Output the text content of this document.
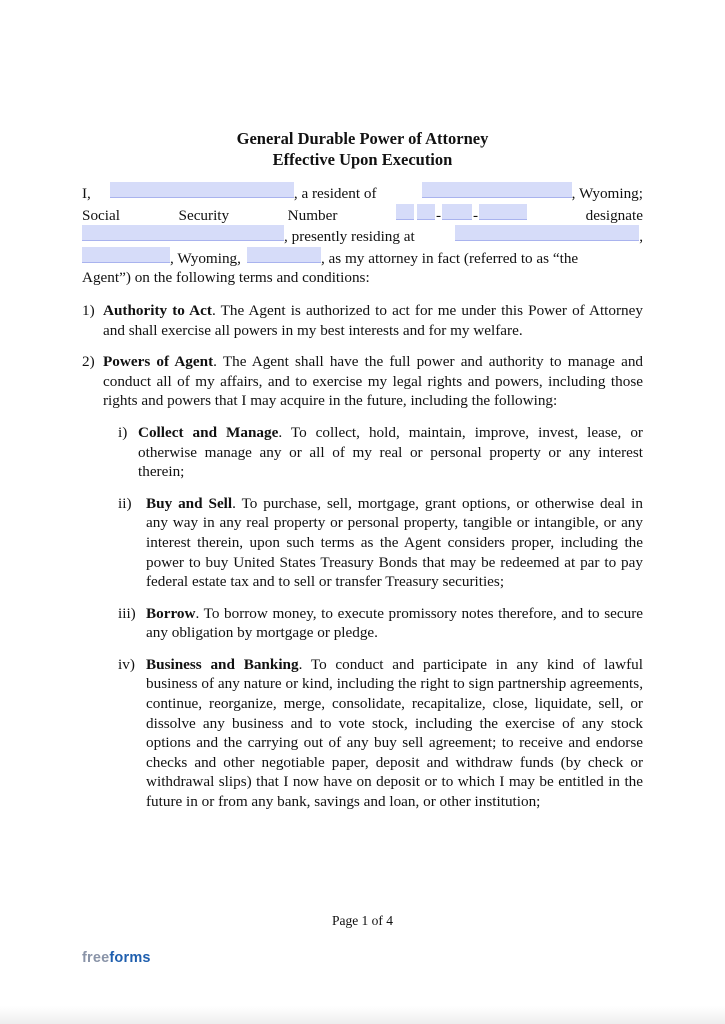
General Durable Power of Attorney
Effective Upon Execution
I,	, a resident of	, Wyoming;
Social	Security	Number	- -	designate
, presently residing at	,
, Wyoming,	, as my attorney in fact (referred to as “the
Agent”) on the following terms and conditions:
1) Authority to Act. The Agent is authorized to act for me under this Power of Attorney and shall exercise all powers in my best interests and for my welfare.
2) Powers of Agent. The Agent shall have the full power and authority to manage and conduct all of my affairs, and to exercise my legal rights and powers, including those rights and powers that I may acquire in the future, including the following:
i) Collect and Manage. To collect, hold, maintain, improve, invest, lease, or otherwise manage any or all of my real or personal property or any interest therein;
ii) Buy and Sell. To purchase, sell, mortgage, grant options, or otherwise deal in any way in any real property or personal property, tangible or intangible, or any interest therein, upon such terms as the Agent considers proper, including the power to buy United States Treasury Bonds that may be redeemed at par to pay federal estate tax and to sell or transfer Treasury securities;
iii) Borrow. To borrow money, to execute promissory notes therefore, and to secure any obligation by mortgage or pledge.
iv) Business and Banking. To conduct and participate in any kind of lawful business of any nature or kind, including the right to sign partnership agreements, continue, reorganize, merge, consolidate, recapitalize, close, liquidate, sell, or dissolve any business and to vote stock, including the exercise of any stock options and the carrying out of any buy sell agreement; to receive and endorse checks and other negotiable paper, deposit and withdraw funds (by check or withdrawal slips) that I now have on deposit or to which I may be entitled in the future in or from any bank, savings and loan, or other institution;
Page 1 of 4
freeforms
